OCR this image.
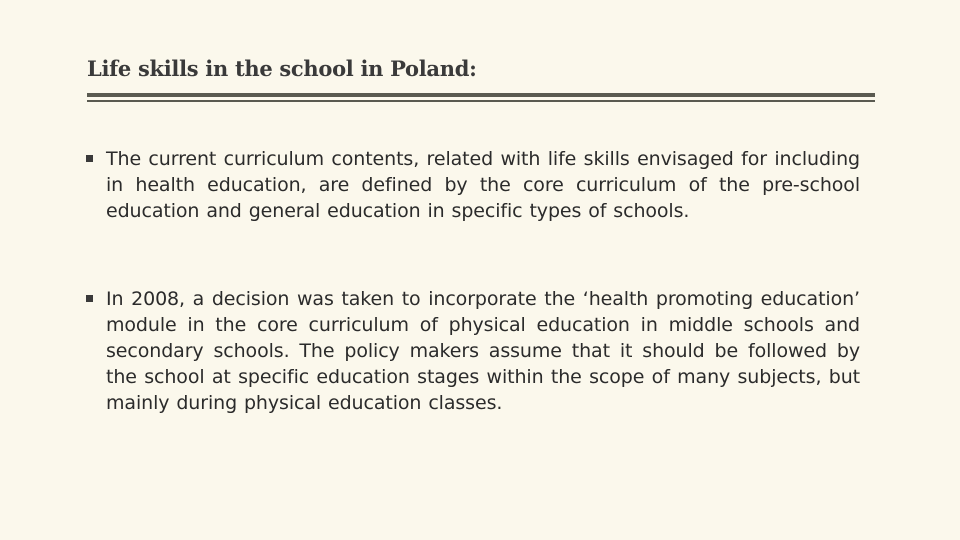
Life skills in the school in Poland:
The current curriculum contents, related with life skills envisaged for including in health education, are defined by the core curriculum of the pre-school education and general education in specific types of schools.
In 2008, a decision was taken to incorporate the ‘health promoting education’ module in the core curriculum of physical education in middle schools and secondary schools. The policy makers assume that it should be followed by the school at specific education stages within the scope of many subjects, but mainly during physical education classes.
